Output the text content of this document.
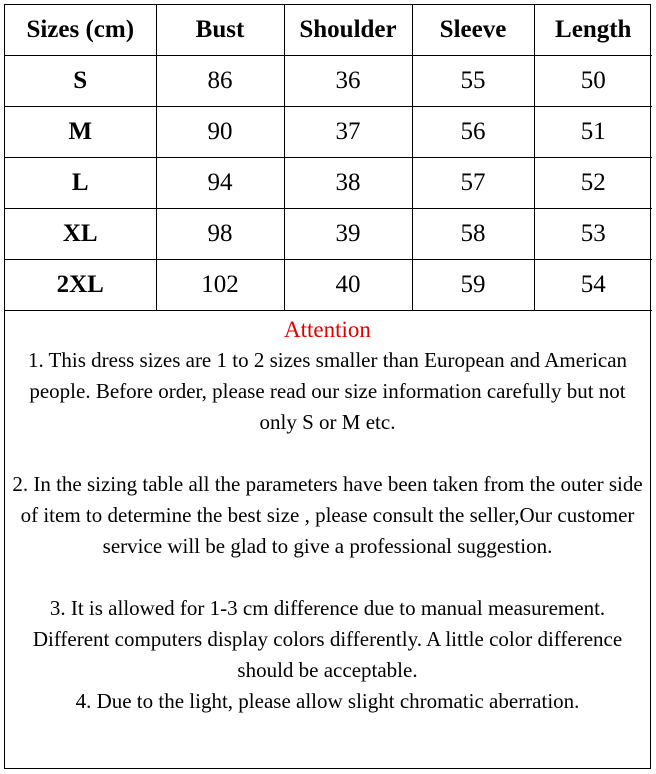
Sizes (cm)	Bust	Shoulder	Sleeve	Length
S	86	36	55	50
M	90	37	56	51
L	94	38	57	52
XL	98	39	58	53
2XL	102	40	59	54

Attention

1. This dress sizes are 1 to 2 sizes smaller than European and American people. Before order, please read our size information carefully but not only S or M etc.

2. In the sizing table all the parameters have been taken from the outer side of item to determine the best size , please consult the seller,Our customer service will be glad to give a professional suggestion.

3. It is allowed for 1-3 cm difference due to manual measurement. Different computers display colors differently. A little color difference should be acceptable.

4. Due to the light, please allow slight chromatic aberration.
